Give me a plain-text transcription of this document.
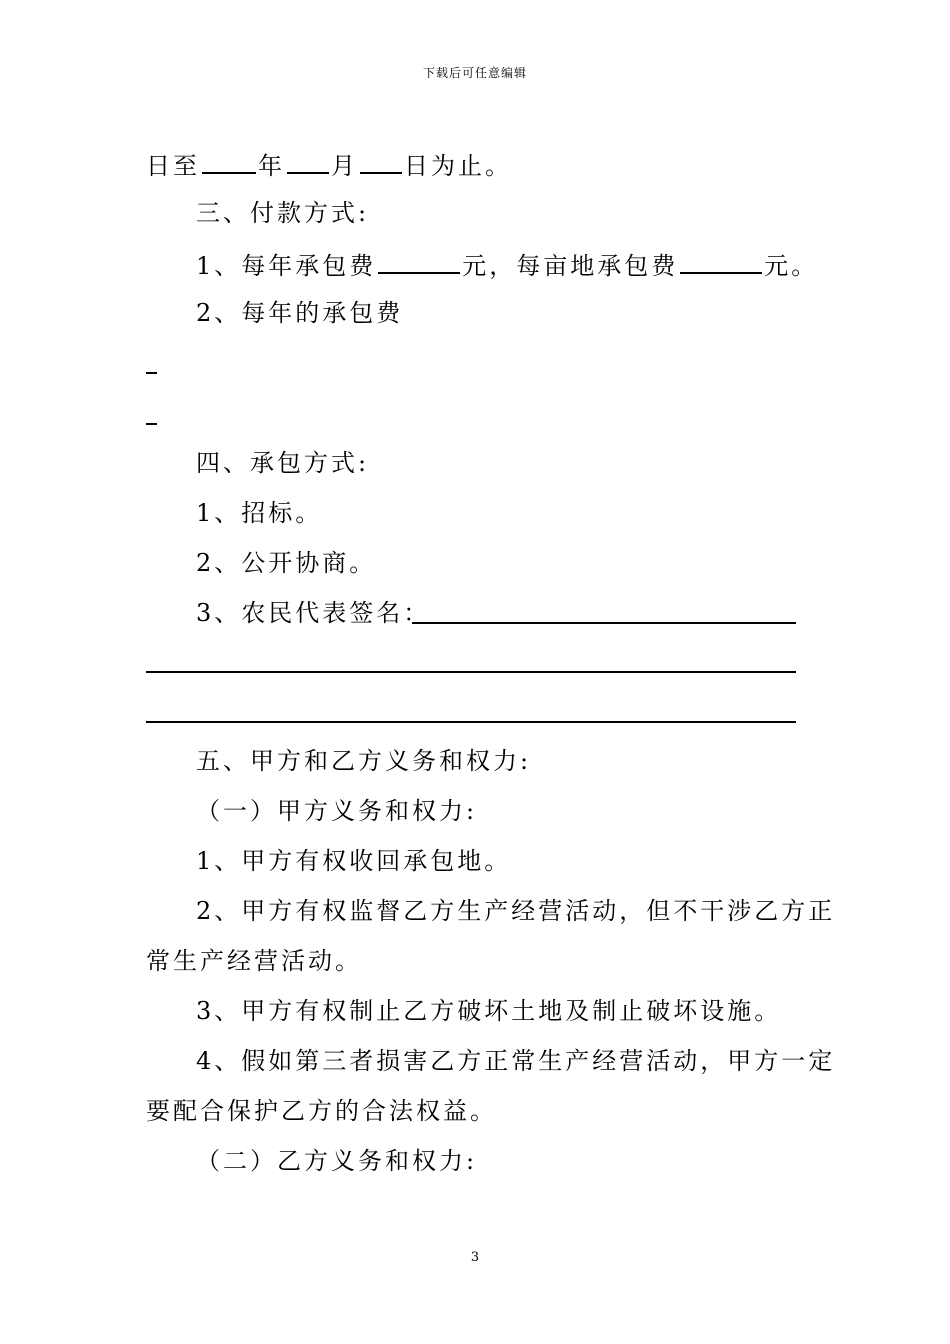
下载后可任意编辑
日至 年 月 日为止。
三、付款方式:
1、每年承包费	元，每亩地承包费	元。
2、每年的承包费
四、承包方式:
1、招标。
2、公开协商。
3、农民代表签名：
五、甲方和乙方义务和权力:
（一）甲方义务和权力:
1、甲方有权收回承包地。
2、甲方有权监督乙方生产经营活动，但不干涉乙方正
常生产经营活动。
3、甲方有权制止乙方破坏土地及制止破坏设施。
4、假如第三者损害乙方正常生产经营活动，甲方一定
要配合保护乙方的合法权益。
（二）乙方义务和权力:
3
